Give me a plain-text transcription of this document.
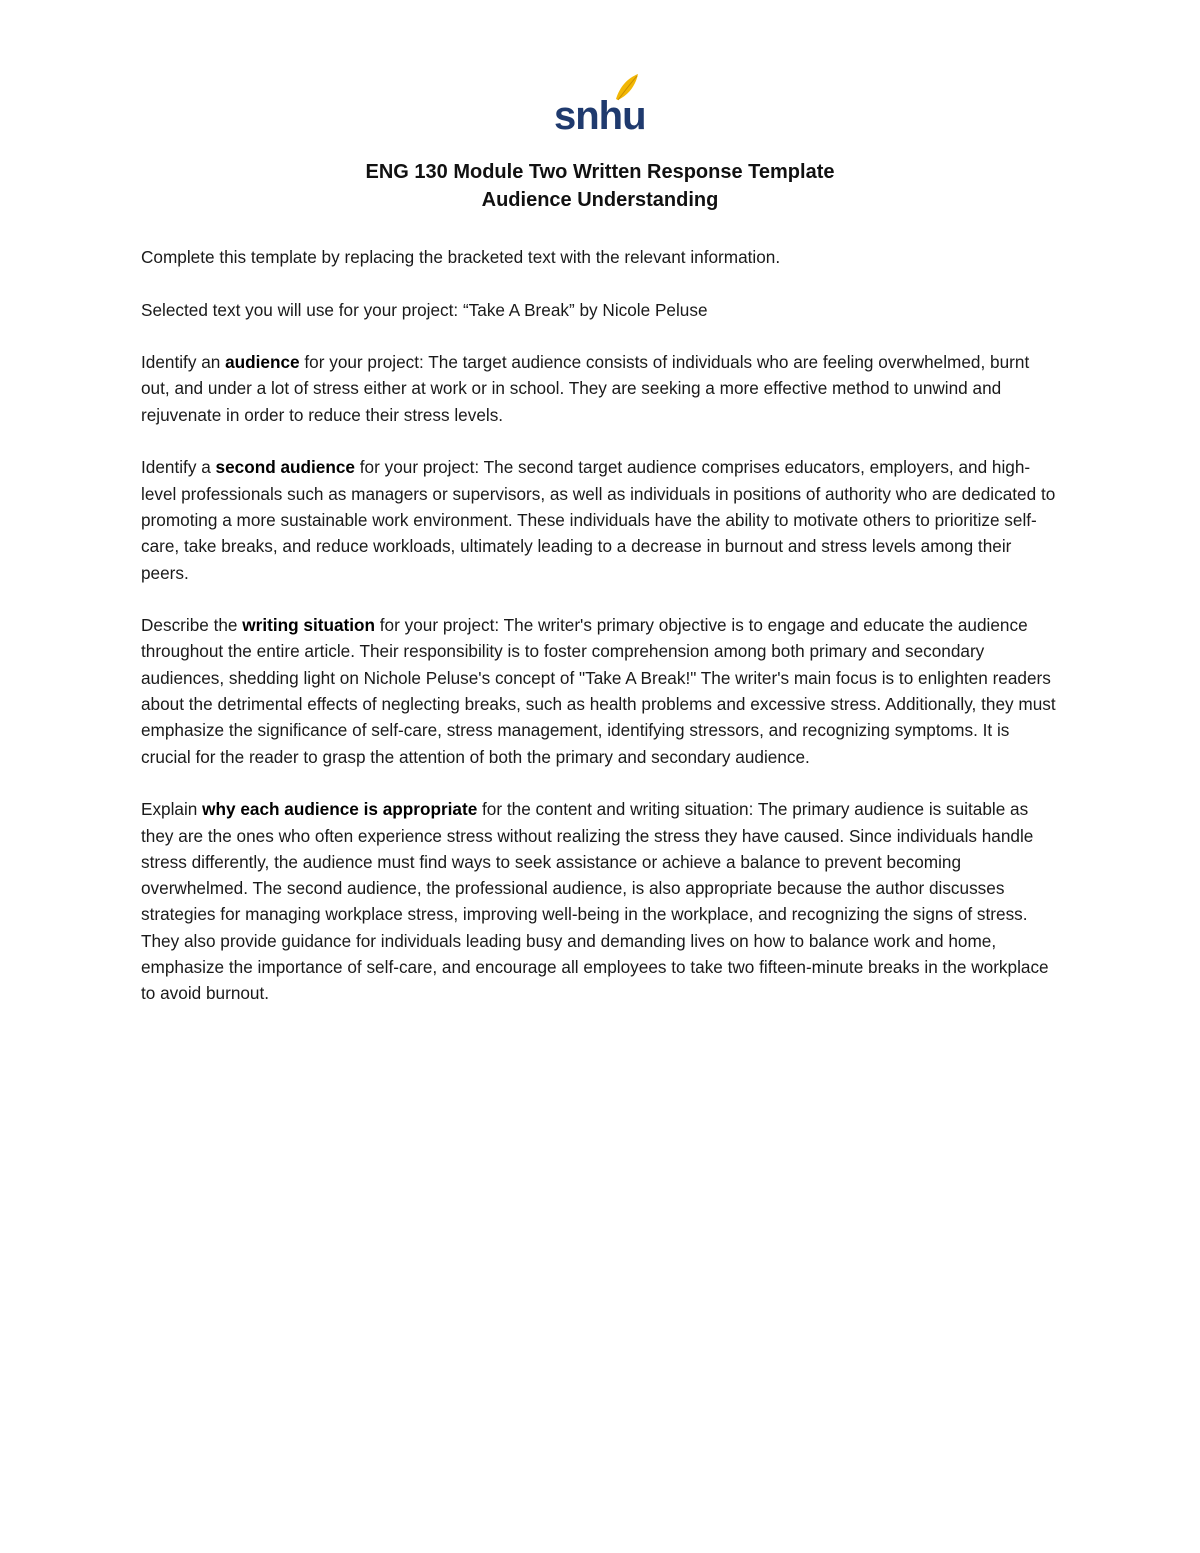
snhu
ENG 130 Module Two Written Response Template
Audience Understanding

Complete this template by replacing the bracketed text with the relevant information.

Selected text you will use for your project: “Take A Break” by Nicole Peluse

Identify an audience for your project: The target audience consists of individuals who are feeling overwhelmed, burnt out, and under a lot of stress either at work or in school. They are seeking a more effective method to unwind and rejuvenate in order to reduce their stress levels.

Identify a second audience for your project: The second target audience comprises educators, employers, and high-level professionals such as managers or supervisors, as well as individuals in positions of authority who are dedicated to promoting a more sustainable work environment. These individuals have the ability to motivate others to prioritize self-care, take breaks, and reduce workloads, ultimately leading to a decrease in burnout and stress levels among their peers.

Describe the writing situation for your project: The writer's primary objective is to engage and educate the audience throughout the entire article. Their responsibility is to foster comprehension among both primary and secondary audiences, shedding light on Nichole Peluse's concept of "Take A Break!" The writer's main focus is to enlighten readers about the detrimental effects of neglecting breaks, such as health problems and excessive stress. Additionally, they must emphasize the significance of self-care, stress management, identifying stressors, and recognizing symptoms. It is crucial for the reader to grasp the attention of both the primary and secondary audience.

Explain why each audience is appropriate for the content and writing situation: The primary audience is suitable as they are the ones who often experience stress without realizing the stress they have caused. Since individuals handle stress differently, the audience must find ways to seek assistance or achieve a balance to prevent becoming overwhelmed. The second audience, the professional audience, is also appropriate because the author discusses strategies for managing workplace stress, improving well-being in the workplace, and recognizing the signs of stress. They also provide guidance for individuals leading busy and demanding lives on how to balance work and home, emphasize the importance of self-care, and encourage all employees to take two fifteen-minute breaks in the workplace to avoid burnout.
